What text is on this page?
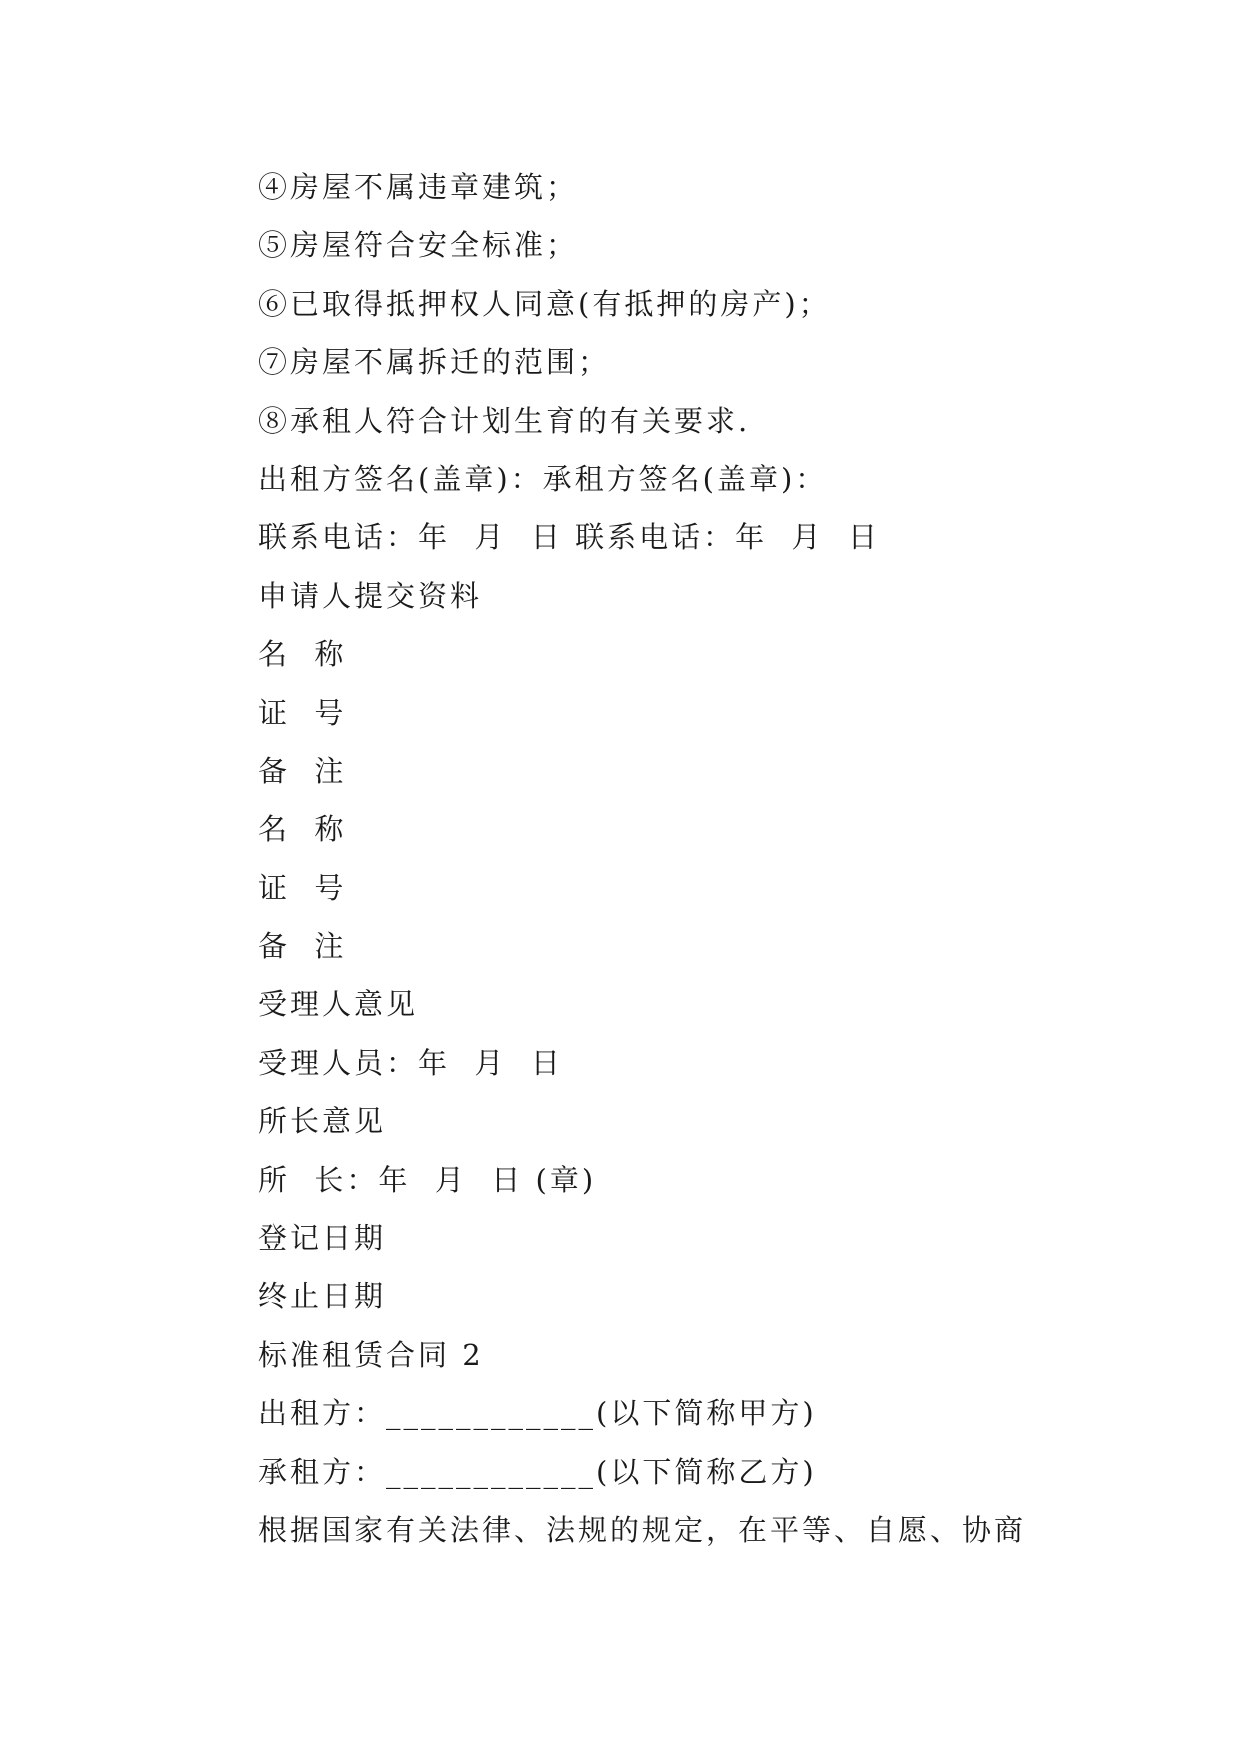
④房屋不属违章建筑；
⑤房屋符合安全标准；
⑥已取得抵押权人同意(有抵押的房产)；
⑦房屋不属拆迁的范围；
⑧承租人符合计划生育的有关要求.
出租方签名(盖章)：承租方签名(盖章)：
联系电话：年  月  日 联系电话：年  月  日
申请人提交资料
名  称
证  号
备  注
名  称
证  号
备  注
受理人意见
受理人员：年  月  日
所长意见
所  长：年  月  日 (章)
登记日期
终止日期
标准租赁合同 2
出租方：____________(以下简称甲方)
承租方：____________(以下简称乙方)
根据国家有关法律、法规的规定，在平等、自愿、协商
